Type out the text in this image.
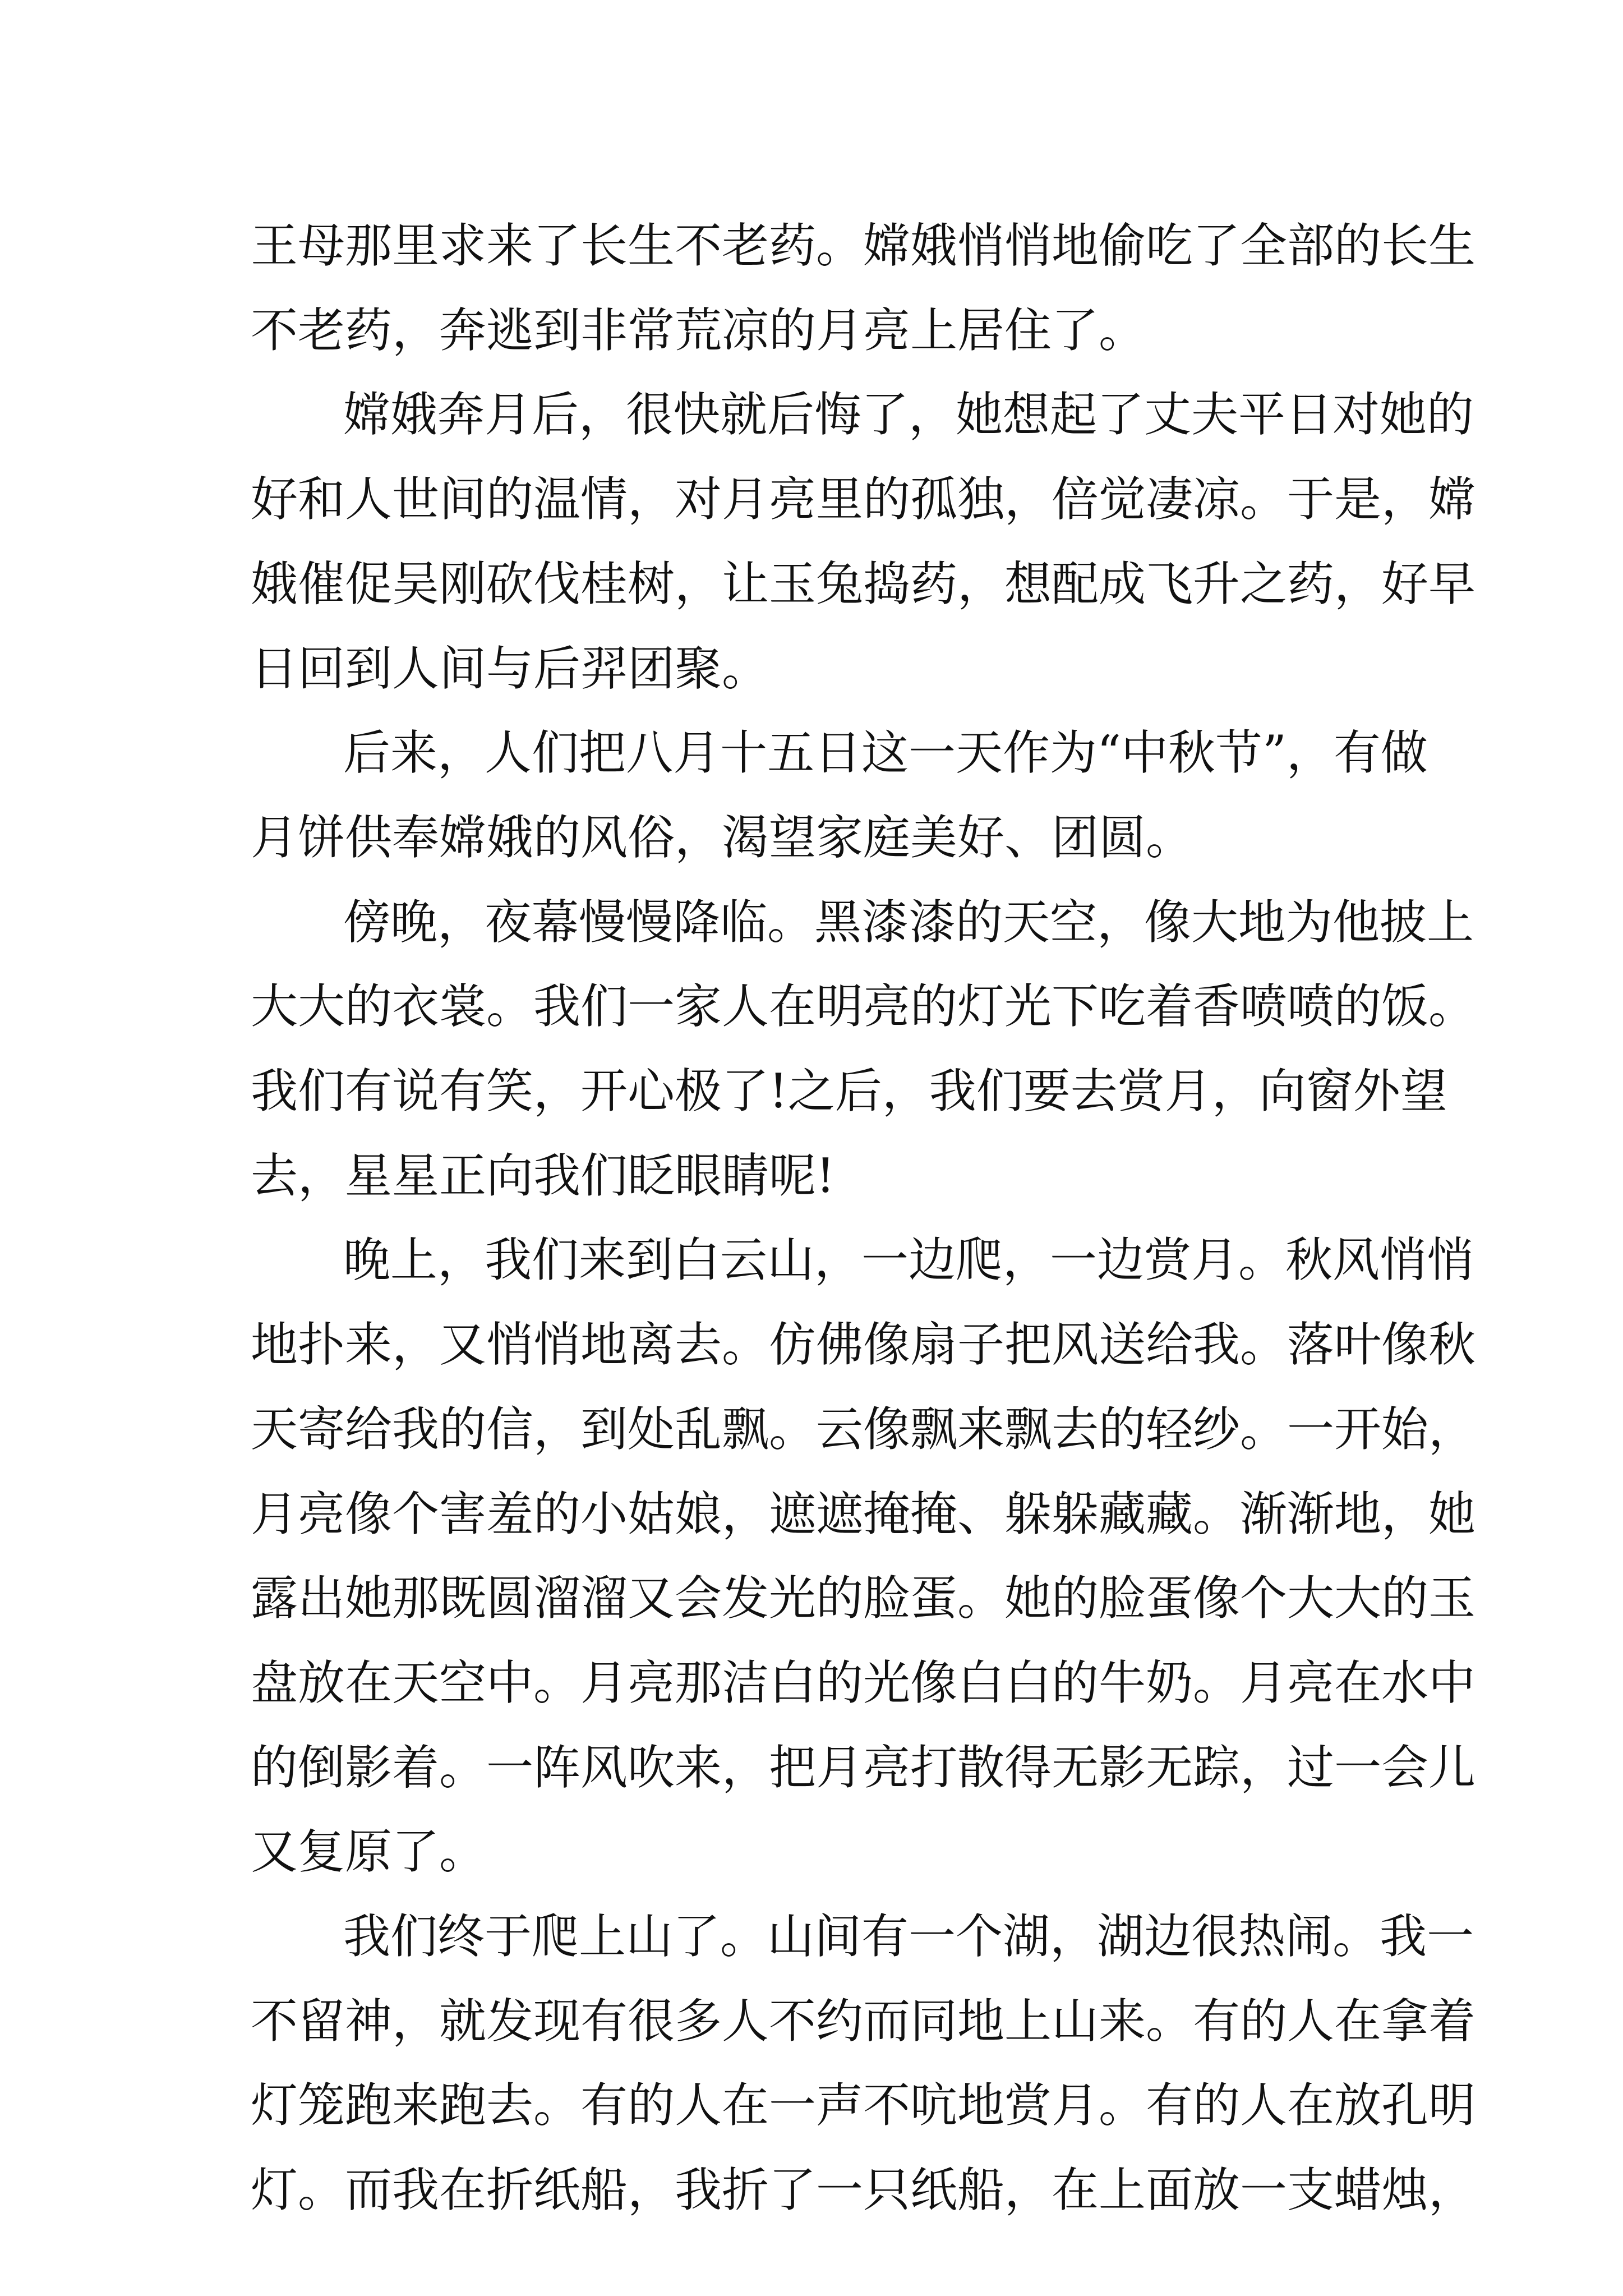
王母那里求来了长生不老药。嫦娥悄悄地偷吃了全部的长生
不老药，奔逃到非常荒凉的月亮上居住了。
嫦娥奔月后，很快就后悔了，她想起了丈夫平日对她的
好和人世间的温情，对月亮里的孤独，倍觉凄凉。于是，嫦
娥催促吴刚砍伐桂树，让玉兔捣药，想配成飞升之药，好早
日回到人间与后羿团聚。
后来，人们把八月十五日这一天作为“中秋节”，有做
月饼供奉嫦娥的风俗，渴望家庭美好、团圆。
傍晚，夜幕慢慢降临。黑漆漆的天空，像大地为他披上
大大的衣裳。我们一家人在明亮的灯光下吃着香喷喷的饭。
我们有说有笑，开心极了!之后，我们要去赏月，向窗外望
去，星星正向我们眨眼睛呢!
晚上，我们来到白云山，一边爬，一边赏月。秋风悄悄
地扑来，又悄悄地离去。仿佛像扇子把风送给我。落叶像秋
天寄给我的信，到处乱飘。云像飘来飘去的轻纱。一开始，
月亮像个害羞的小姑娘，遮遮掩掩、躲躲藏藏。渐渐地，她
露出她那既圆溜溜又会发光的脸蛋。她的脸蛋像个大大的玉
盘放在天空中。月亮那洁白的光像白白的牛奶。月亮在水中
的倒影着。一阵风吹来，把月亮打散得无影无踪，过一会儿
又复原了。
我们终于爬上山了。山间有一个湖，湖边很热闹。我一
不留神，就发现有很多人不约而同地上山来。有的人在拿着
灯笼跑来跑去。有的人在一声不吭地赏月。有的人在放孔明
灯。而我在折纸船，我折了一只纸船，在上面放一支蜡烛，
